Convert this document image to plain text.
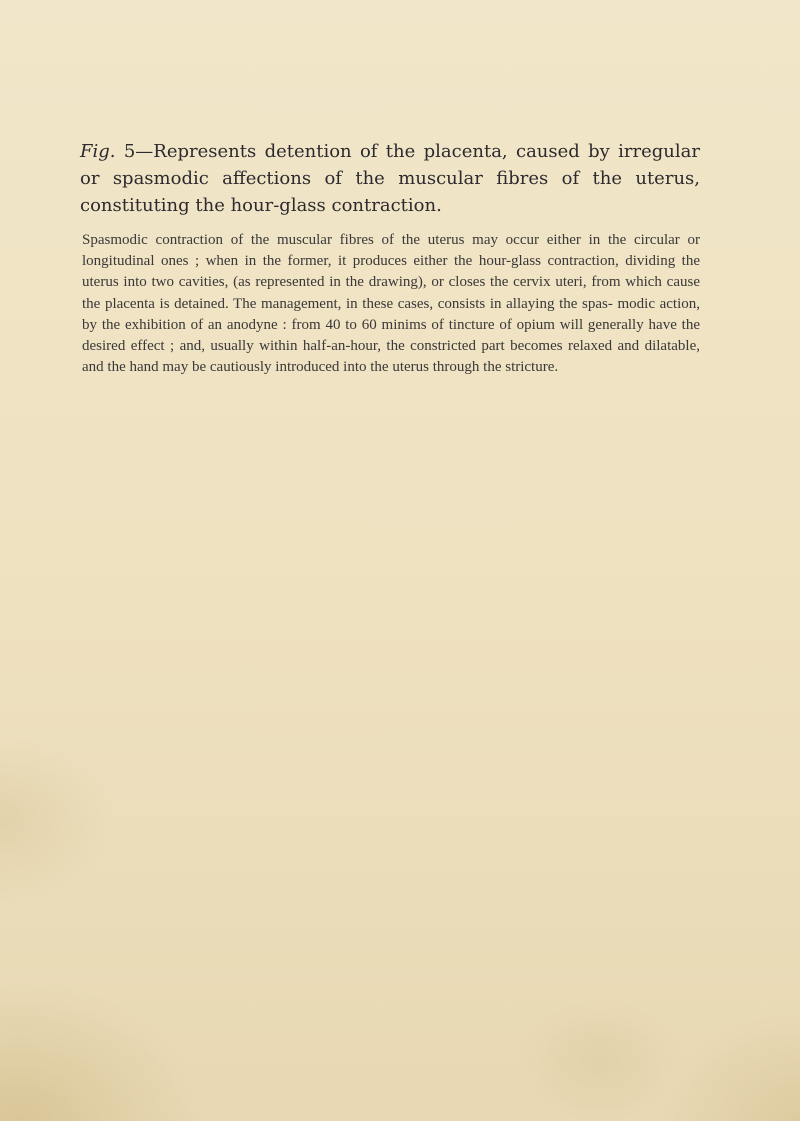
Fig. 5—Represents detention of the placenta, caused by irregular or spasmodic affections of the muscular fibres of the uterus, constituting the hour-glass contraction.

Spasmodic contraction of the muscular fibres of the uterus may occur either in the circular or longitudinal ones ; when in the former, it produces either the hour-glass contraction, dividing the uterus into two cavities, (as represented in the drawing), or closes the cervix uteri, from which cause the placenta is detained. The management, in these cases, consists in allaying the spas- modic action, by the exhibition of an anodyne : from 40 to 60 minims of tincture of opium will generally have the desired effect ; and, usually within half-an-hour, the constricted part becomes relaxed and dilatable, and the hand may be cautiously introduced into the uterus through the stricture.
